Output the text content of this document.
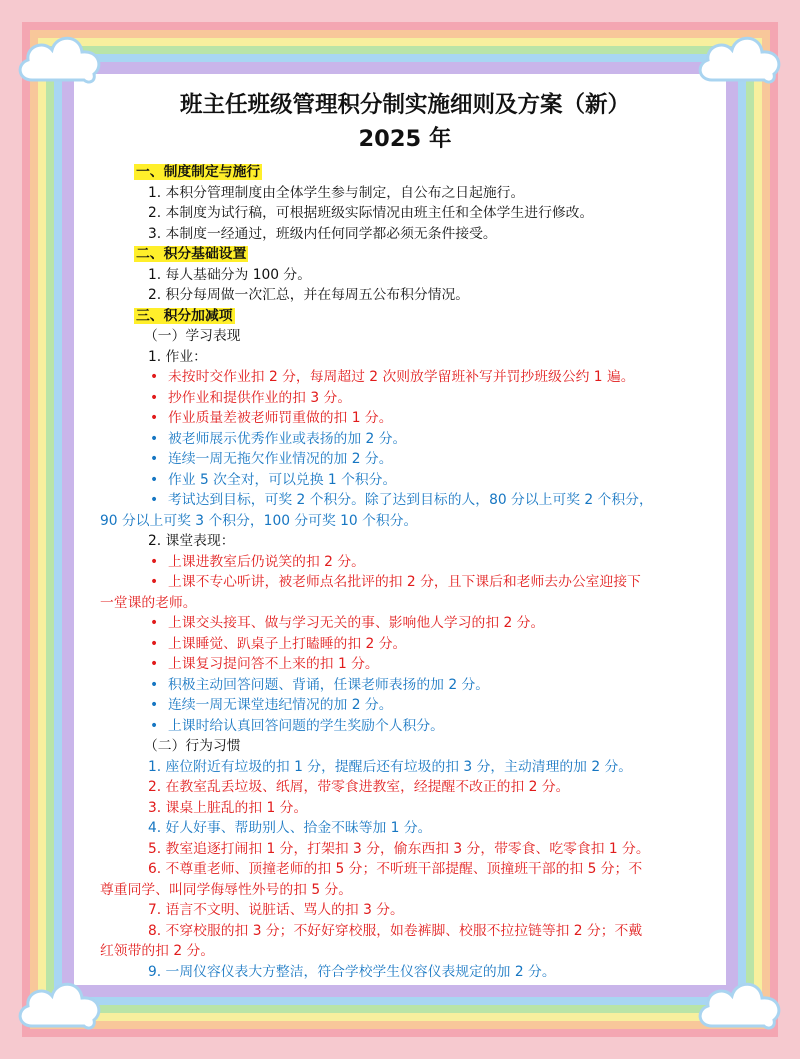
班主任班级管理积分制实施细则及方案（新）
2025 年
一、制度制定与施行
1. 本积分管理制度由全体学生参与制定，自公布之日起施行。
2. 本制度为试行稿，可根据班级实际情况由班主任和全体学生进行修改。
3. 本制度一经通过，班级内任何同学都必须无条件接受。
二、积分基础设置
1. 每人基础分为 100 分。
2. 积分每周做一次汇总，并在每周五公布积分情况。
三、积分加减项
（一）学习表现
1. 作业：
• 未按时交作业扣 2 分，每周超过 2 次则放学留班补写并罚抄班级公约 1 遍。
• 抄作业和提供作业的扣 3 分。
• 作业质量差被老师罚重做的扣 1 分。
• 被老师展示优秀作业或表扬的加 2 分。
• 连续一周无拖欠作业情况的加 2 分。
• 作业 5 次全对，可以兑换 1 个积分。
• 考试达到目标，可奖 2 个积分。除了达到目标的人，80 分以上可奖 2 个积分，
90 分以上可奖 3 个积分，100 分可奖 10 个积分。
2. 课堂表现：
• 上课进教室后仍说笑的扣 2 分。
• 上课不专心听讲，被老师点名批评的扣 2 分，且下课后和老师去办公室迎接下
一堂课的老师。
• 上课交头接耳、做与学习无关的事、影响他人学习的扣 2 分。
• 上课睡觉、趴桌子上打瞌睡的扣 2 分。
• 上课复习提问答不上来的扣 1 分。
• 积极主动回答问题、背诵，任课老师表扬的加 2 分。
• 连续一周无课堂违纪情况的加 2 分。
• 上课时给认真回答问题的学生奖励个人积分。
（二）行为习惯
1. 座位附近有垃圾的扣 1 分，提醒后还有垃圾的扣 3 分，主动清理的加 2 分。
2. 在教室乱丢垃圾、纸屑，带零食进教室，经提醒不改正的扣 2 分。
3. 课桌上脏乱的扣 1 分。
4. 好人好事、帮助别人、拾金不昧等加 1 分。
5. 教室追逐打闹扣 1 分，打架扣 3 分，偷东西扣 3 分，带零食、吃零食扣 1 分。
6. 不尊重老师、顶撞老师的扣 5 分；不听班干部提醒、顶撞班干部的扣 5 分；不
尊重同学、叫同学侮辱性外号的扣 5 分。
7. 语言不文明、说脏话、骂人的扣 3 分。
8. 不穿校服的扣 3 分；不好好穿校服，如卷裤脚、校服不拉拉链等扣 2 分；不戴
红领带的扣 2 分。
9. 一周仪容仪表大方整洁，符合学校学生仪容仪表规定的加 2 分。
